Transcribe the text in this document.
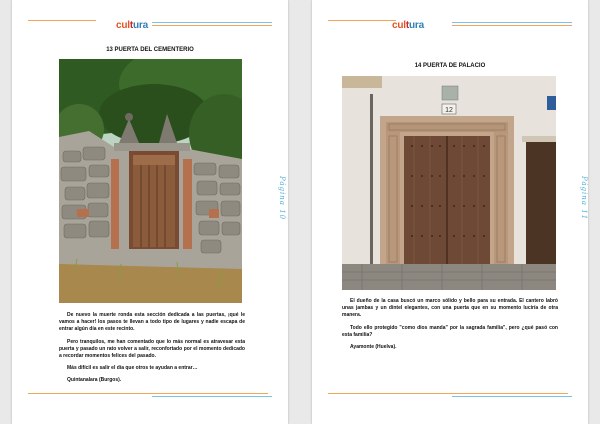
cultura
13 PUERTA DEL CEMENTERIO

De nuevo la muerte ronda esta sección dedicada a las puertas, ¡qué le vamos a hacer! los pasos te llevan a todo tipo de lugares y nadie escapa de entrar algún día en este recinto.

Pero tranquilos, me han comentado que lo más normal es atravesar esta puerta y pasado un rato volver a salir, reconfortado por el momento dedicado a recordar momentos felices del pasado.

Más difícil es salir el día que otros te ayudan a entrar…

Quintanalara (Burgos).

Página 10
cultura
14 PUERTA DE PALACIO
12

El dueño de la casa buscó un marco sólido y bello para su entrada. El cantero labró unas jambas y un dintel elegantes, con una puerta que en su momento luciría de otra manera.

Todo ello protegido "como dios manda" por la sagrada familia", pero ¿qué pasó con esta familia?

Ayamonte (Huelva).

Página 11
